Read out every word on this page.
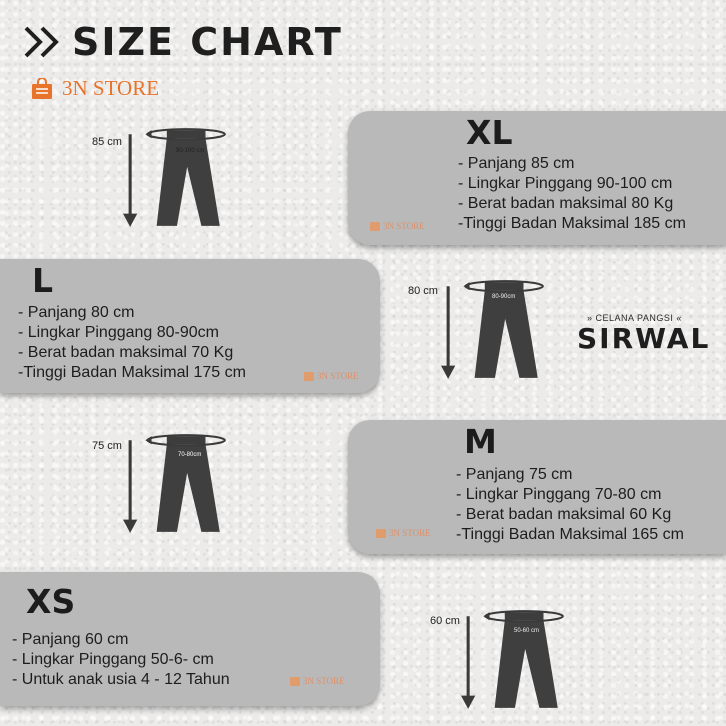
SIZE CHART
3N STORE
XL
- Panjang 85 cm
- Lingkar Pinggang 90-100 cm
- Berat badan maksimal 80 Kg
-Tinggi Badan Maksimal 185 cm
3N STORE
L
- Panjang 80 cm
- Lingkar Pinggang 80-90cm
- Berat badan maksimal 70 Kg
-Tinggi Badan Maksimal 175 cm	3N STORE
M
- Panjang 75 cm
- Lingkar Pinggang 70-80 cm
- Berat badan maksimal 60 Kg
-Tinggi Badan Maksimal 165 cm
3N STORE
XS
- Panjang 60 cm
- Lingkar Pinggang 50-6- cm
- Untuk anak usia 4 - 12 Tahun	3N STORE
90-100 cm
85 cm
80-90cm
80 cm
70-80cm
75 cm
50-60 cm
60 cm
» CELANA PANGSI «
SIRWAL
